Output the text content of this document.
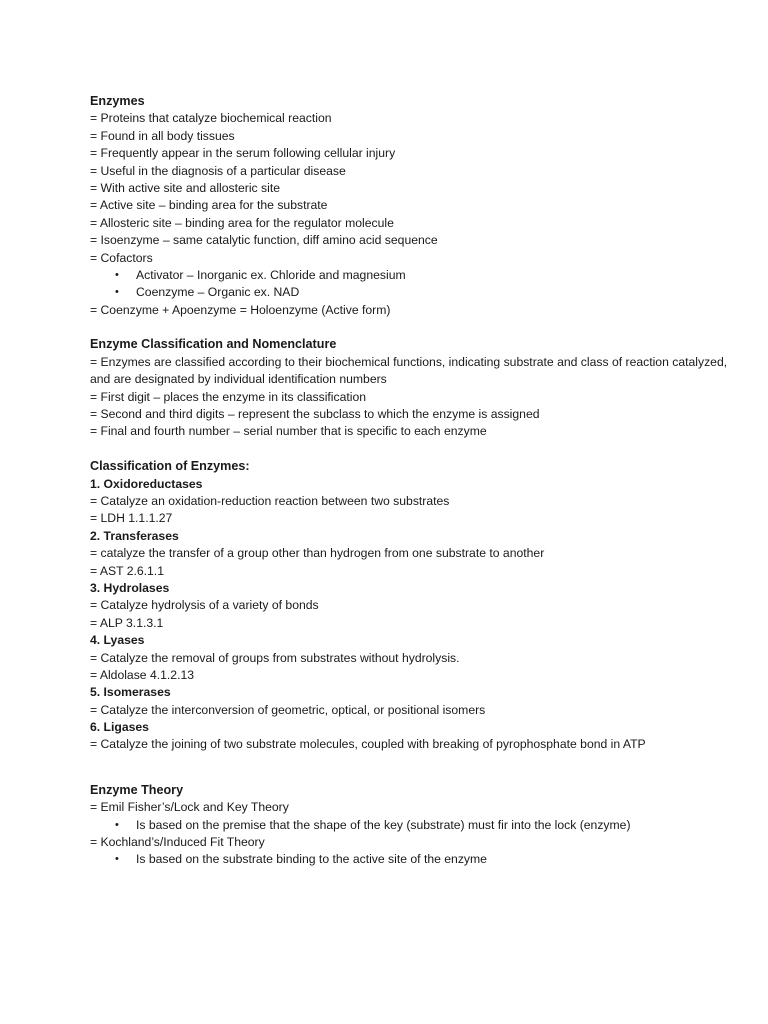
Enzymes
= Proteins that catalyze biochemical reaction
= Found in all body tissues
= Frequently appear in the serum following cellular injury
= Useful in the diagnosis of a particular disease
= With active site and allosteric site
= Active site – binding area for the substrate
= Allosteric site – binding area for the regulator molecule
= Isoenzyme – same catalytic function, diff amino acid sequence
= Cofactors
• Activator – Inorganic ex. Chloride and magnesium
• Coenzyme – Organic ex. NAD
= Coenzyme + Apoenzyme = Holoenzyme (Active form)
Enzyme Classification and Nomenclature
= Enzymes are classified according to their biochemical functions, indicating substrate and class of reaction catalyzed, and are designated by individual identification numbers
= First digit – places the enzyme in its classification
= Second and third digits – represent the subclass to which the enzyme is assigned
= Final and fourth number – serial number that is specific to each enzyme
Classification of Enzymes:
1. Oxidoreductases
= Catalyze an oxidation-reduction reaction between two substrates
= LDH 1.1.1.27
2. Transferases
= catalyze the transfer of a group other than hydrogen from one substrate to another
= AST 2.6.1.1
3. Hydrolases
= Catalyze hydrolysis of a variety of bonds
= ALP 3.1.3.1
4. Lyases
= Catalyze the removal of groups from substrates without hydrolysis.
= Aldolase 4.1.2.13
5. Isomerases
= Catalyze the interconversion of geometric, optical, or positional isomers
6. Ligases
= Catalyze the joining of two substrate molecules, coupled with breaking of pyrophosphate bond in ATP
Enzyme Theory
= Emil Fisher’s/Lock and Key Theory
• Is based on the premise that the shape of the key (substrate) must fir into the lock (enzyme)
= Kochland’s/Induced Fit Theory
• Is based on the substrate binding to the active site of the enzyme
